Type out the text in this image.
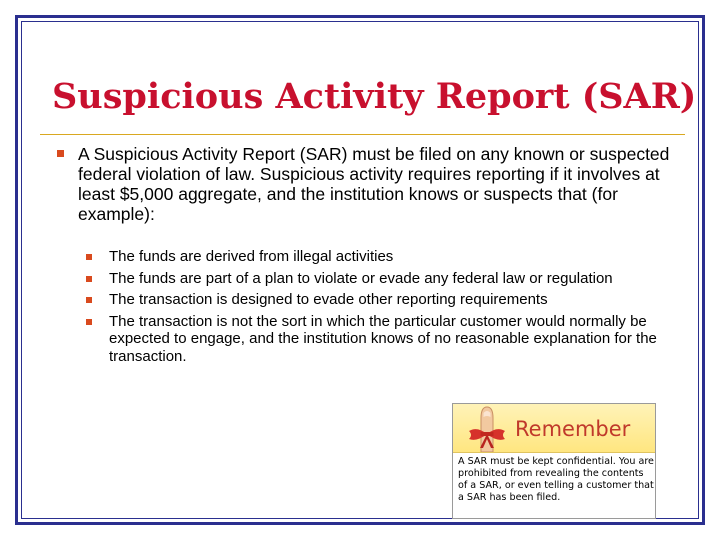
Suspicious Activity Report (SAR)
A Suspicious Activity Report (SAR) must be filed on any known or suspected federal violation of law. Suspicious activity requires reporting if it involves at least $5,000 aggregate, and the institution knows or suspects that (for example):
The funds are derived from illegal activities
The funds are part of a plan to violate or evade any federal law or regulation
The transaction is designed to evade other reporting requirements
The transaction is not the sort in which the particular customer would normally be expected to engage, and the institution knows of no reasonable explanation for the transaction.
Remember
A SAR must be kept confidential. You are prohibited from revealing the contents of a SAR, or even telling a customer that a SAR has been filed.
